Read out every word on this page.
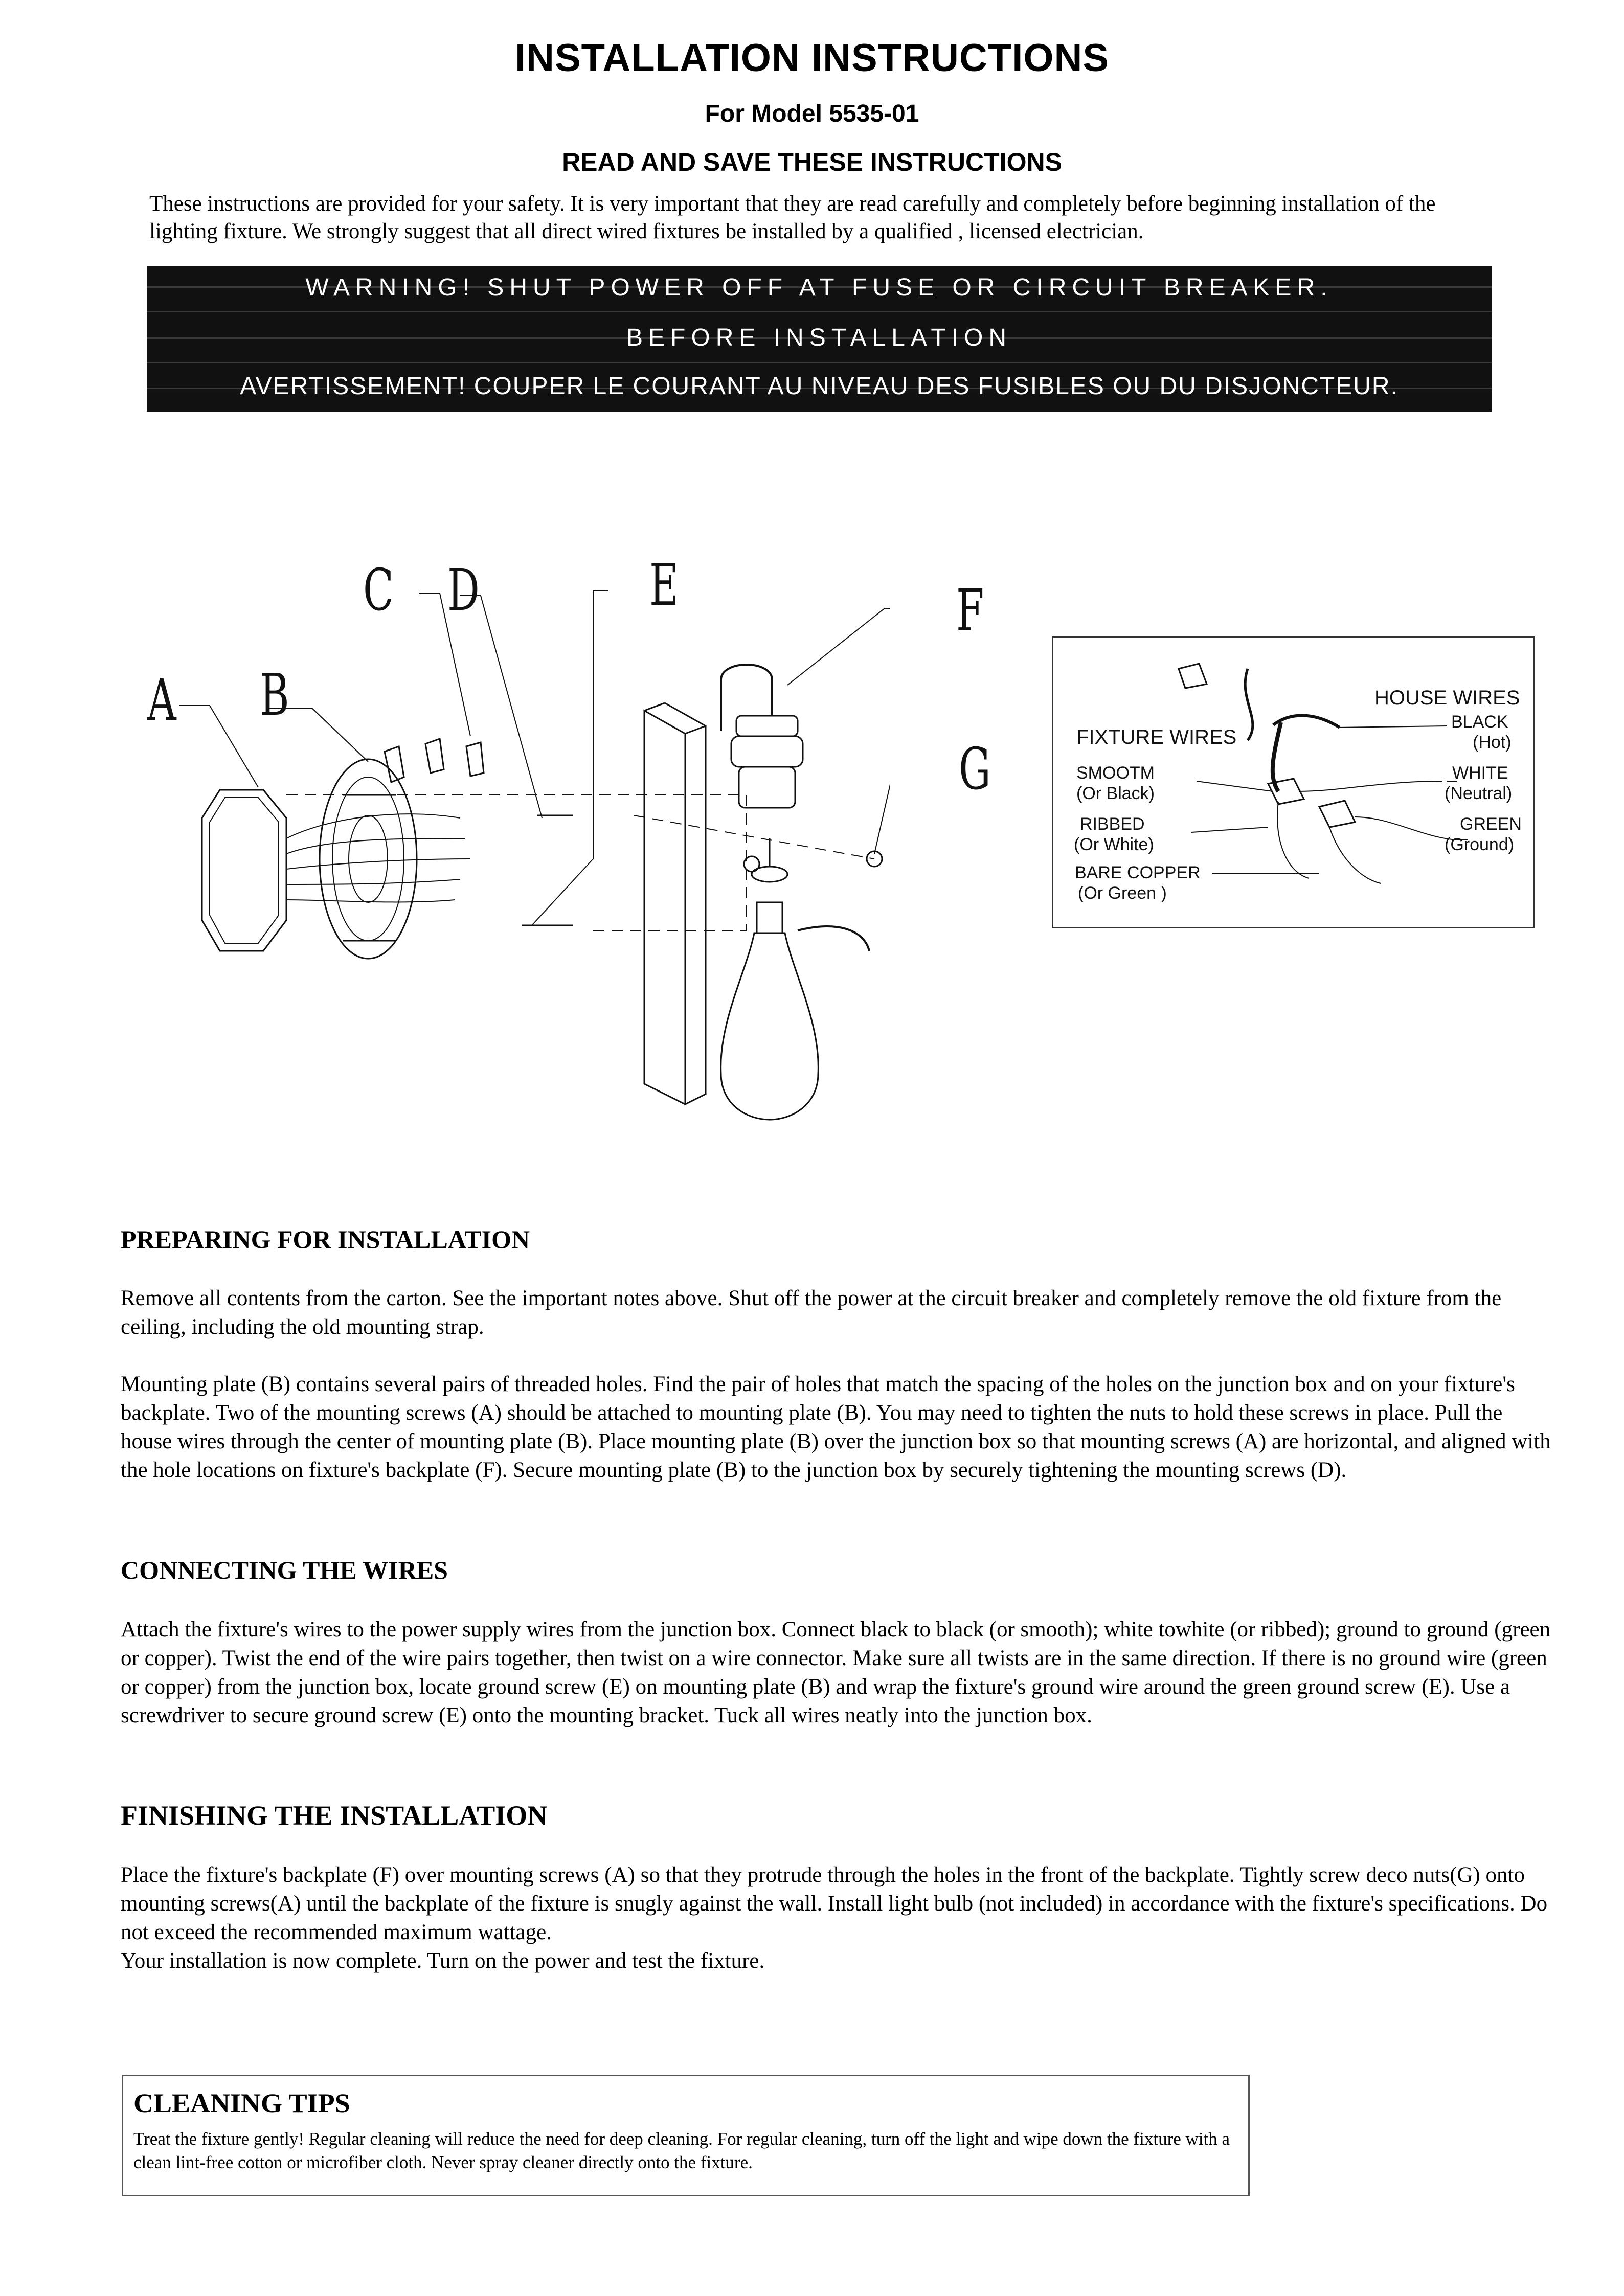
INSTALLATION INSTRUCTIONS
For Model 5535-01
READ AND SAVE THESE INSTRUCTIONS
These instructions are provided for your safety. It is very important that they are read carefully and completely before beginning installation of the lighting fixture. We strongly suggest that all direct wired fixtures be installed by a qualified , licensed electrician.
WARNING! SHUT POWER OFF AT FUSE OR CIRCUIT BREAKER.
BEFORE INSTALLATION
AVERTISSEMENT! COUPER LE COURANT AU NIVEAU DES FUSIBLES OU DU DISJONCTEUR.
A B
C D	E	F
G
HOUSE WIRES
BLACK
(Hot)
FIXTURE WIRES
WHITE
(Neutral)
SMOOTM
(Or Black)
GREEN
(Ground)
RIBBED
(Or White)
BARE COPPER
(Or Green )
PREPARING FOR INSTALLATION
Remove all contents from the carton. See the important notes above. Shut off the power at the circuit breaker and completely remove the old fixture from the ceiling, including the old mounting strap.
Mounting plate (B) contains several pairs of threaded holes. Find the pair of holes that match the spacing of the holes on the junction box and on your fixture's backplate. Two of the mounting screws (A) should be attached to mounting plate (B). You may need to tighten the nuts to hold these screws in place. Pull the house wires through the center of mounting plate (B). Place mounting plate (B) over the junction box so that mounting screws (A) are horizontal, and aligned with the hole locations on fixture's backplate (F). Secure mounting plate (B) to the junction box by securely tightening the mounting screws (D).
CONNECTING THE WIRES
Attach the fixture's wires to the power supply wires from the junction box. Connect black to black (or smooth); white towhite (or ribbed); ground to ground (green or copper). Twist the end of the wire pairs together, then twist on a wire connector. Make sure all twists are in the same direction. If there is no ground wire (green or copper) from the junction box, locate ground screw (E) on mounting plate (B) and wrap the fixture's ground wire around the green ground screw (E). Use a screwdriver to secure ground screw (E) onto the mounting bracket. Tuck all wires neatly into the junction box.
FINISHING THE INSTALLATION
Place the fixture's backplate (F) over mounting screws (A) so that they protrude through the holes in the front of the backplate. Tightly screw deco nuts(G) onto mounting screws(A) until the backplate of the fixture is snugly against the wall. Install light bulb (not included) in accordance with the fixture's specifications. Do not exceed the recommended maximum wattage.
Your installation is now complete. Turn on the power and test the fixture.
CLEANING TIPS
Treat the fixture gently! Regular cleaning will reduce the need for deep cleaning. For regular cleaning, turn off the light and wipe down the fixture with a clean lint-free cotton or microfiber cloth. Never spray cleaner directly onto the fixture.
